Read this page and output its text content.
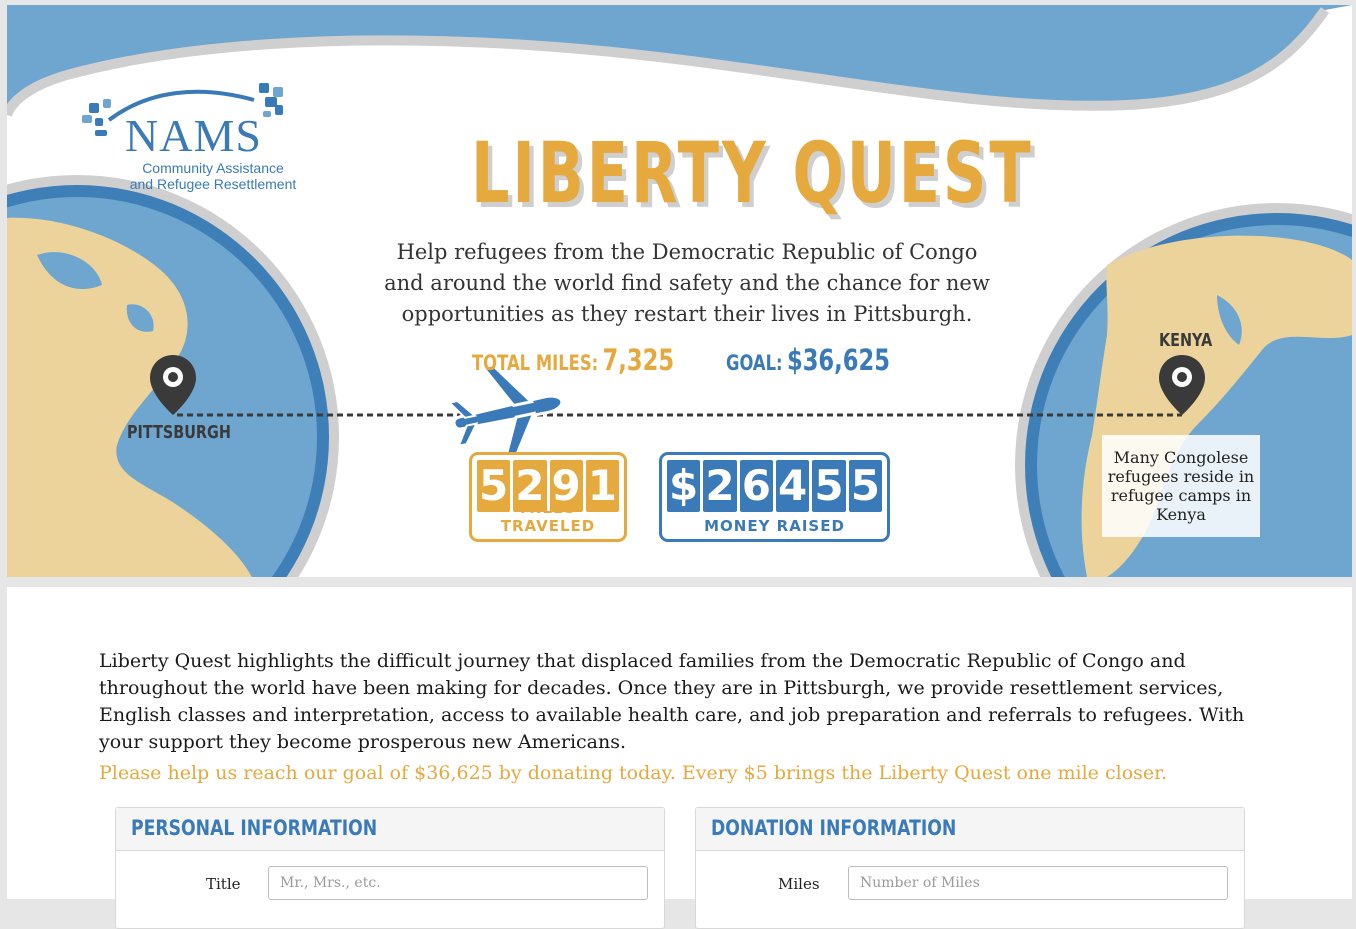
NAMS
Community Assistance
and Refugee Resettlement LIBERTY QUEST
Help refugees from the Democratic Republic of Congo
and around the world find safety and the chance for new
opportunities as they restart their lives in Pittsburgh.
TOTAL MILES: 7,325 GOAL: $36,625
PITTSBURGH
KENYA
5 2 9 1
MILES TRAVELED
$ 2 6 4 5 5
MONEY RAISED
Many Congolese refugees reside in refugee camps in Kenya
Liberty Quest highlights the difficult journey that displaced families from the Democratic Republic of Congo and throughout the world have been making for decades. Once they are in Pittsburgh, we provide resettlement services, English classes and interpretation, access to available health care, and job preparation and referrals to refugees. With your support they become prosperous new Americans.
Please help us reach our goal of $36,625 by donating today. Every $5 brings the Liberty Quest one mile closer.
PERSONAL INFORMATION
Title
Mr., Mrs., etc.
DONATION INFORMATION
Miles
Number of Miles
